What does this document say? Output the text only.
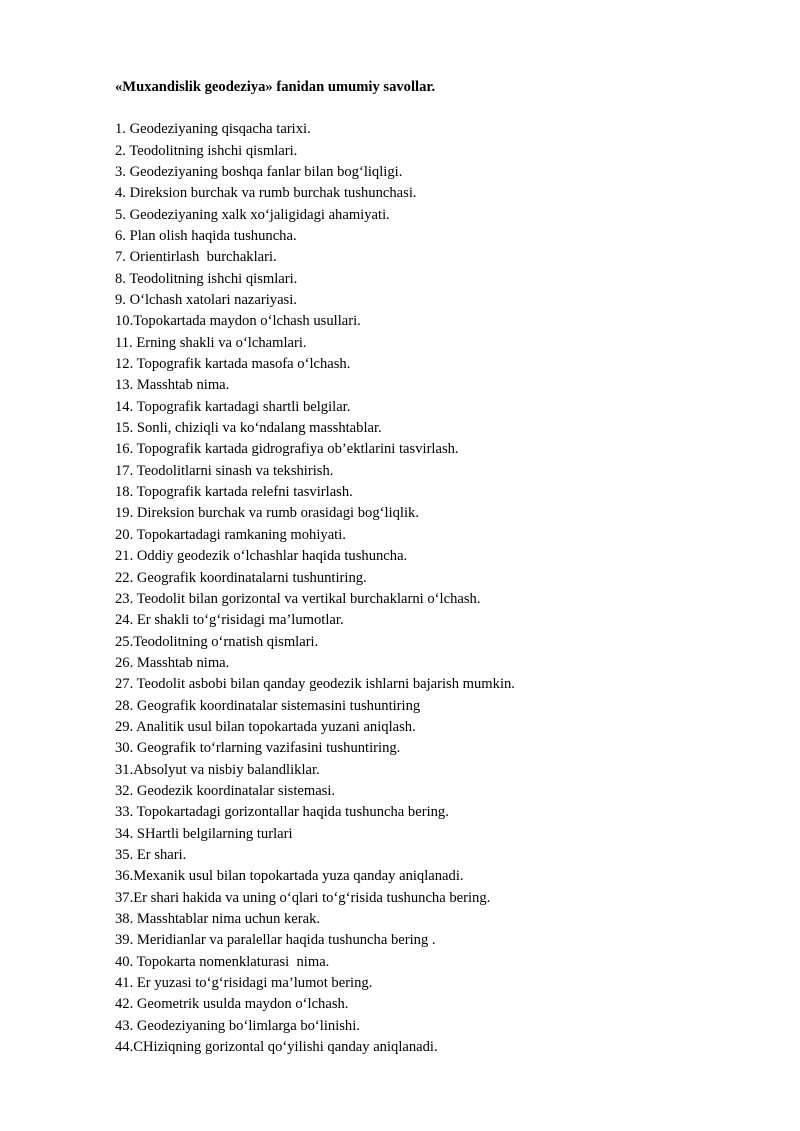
«Muxandislik geodeziya» fanidan umumiy savollar.

1. Geodeziyaning qisqacha tarixi.
2. Teodolitning ishchi qismlari.
3. Geodeziyaning boshqa fanlar bilan bog‘liqligi.
4. Direksion burchak va rumb burchak tushunchasi.
5. Geodeziyaning xalk xo‘jaligidagi ahamiyati.
6. Plan olish haqida tushuncha.
7. Orientirlash  burchaklari.
8. Teodolitning ishchi qismlari.
9. O‘lchash xatolari nazariyasi.
10.Topokartada maydon o‘lchash usullari.
11. Erning shakli va o‘lchamlari.
12. Topografik kartada masofa o‘lchash.
13. Masshtab nima.
14. Topografik kartadagi shartli belgilar.
15. Sonli, chiziqli va ko‘ndalang masshtablar.
16. Topografik kartada gidrografiya ob’ektlarini tasvirlash.
17. Teodolitlarni sinash va tekshirish.
18. Topografik kartada relefni tasvirlash.
19. Direksion burchak va rumb orasidagi bog‘liqlik.
20. Topokartadagi ramkaning mohiyati.
21. Oddiy geodezik o‘lchashlar haqida tushuncha.
22. Geografik koordinatalarni tushuntiring.
23. Teodolit bilan gorizontal va vertikal burchaklarni o‘lchash.
24. Er shakli to‘g‘risidagi ma’lumotlar.
25.Teodolitning o‘rnatish qismlari.
26. Masshtab nima.
27. Teodolit asbobi bilan qanday geodezik ishlarni bajarish mumkin.
28. Geografik koordinatalar sistemasini tushuntiring
29. Analitik usul bilan topokartada yuzani aniqlash.
30. Geografik to‘rlarning vazifasini tushuntiring.
31.Absolyut va nisbiy balandliklar.
32. Geodezik koordinatalar sistemasi.
33. Topokartadagi gorizontallar haqida tushuncha bering.
34. SHartli belgilarning turlari
35. Er shari.
36.Mexanik usul bilan topokartada yuza qanday aniqlanadi.
37.Er shari hakida va uning o‘qlari to‘g‘risida tushuncha bering.
38. Masshtablar nima uchun kerak.
39. Meridianlar va paralellar haqida tushuncha bering .
40. Topokarta nomenklaturasi  nima.
41. Er yuzasi to‘g‘risidagi ma’lumot bering.
42. Geometrik usulda maydon o‘lchash.
43. Geodeziyaning bo‘limlarga bo‘linishi.
44.CHiziqning gorizontal qo‘yilishi qanday aniqlanadi.
